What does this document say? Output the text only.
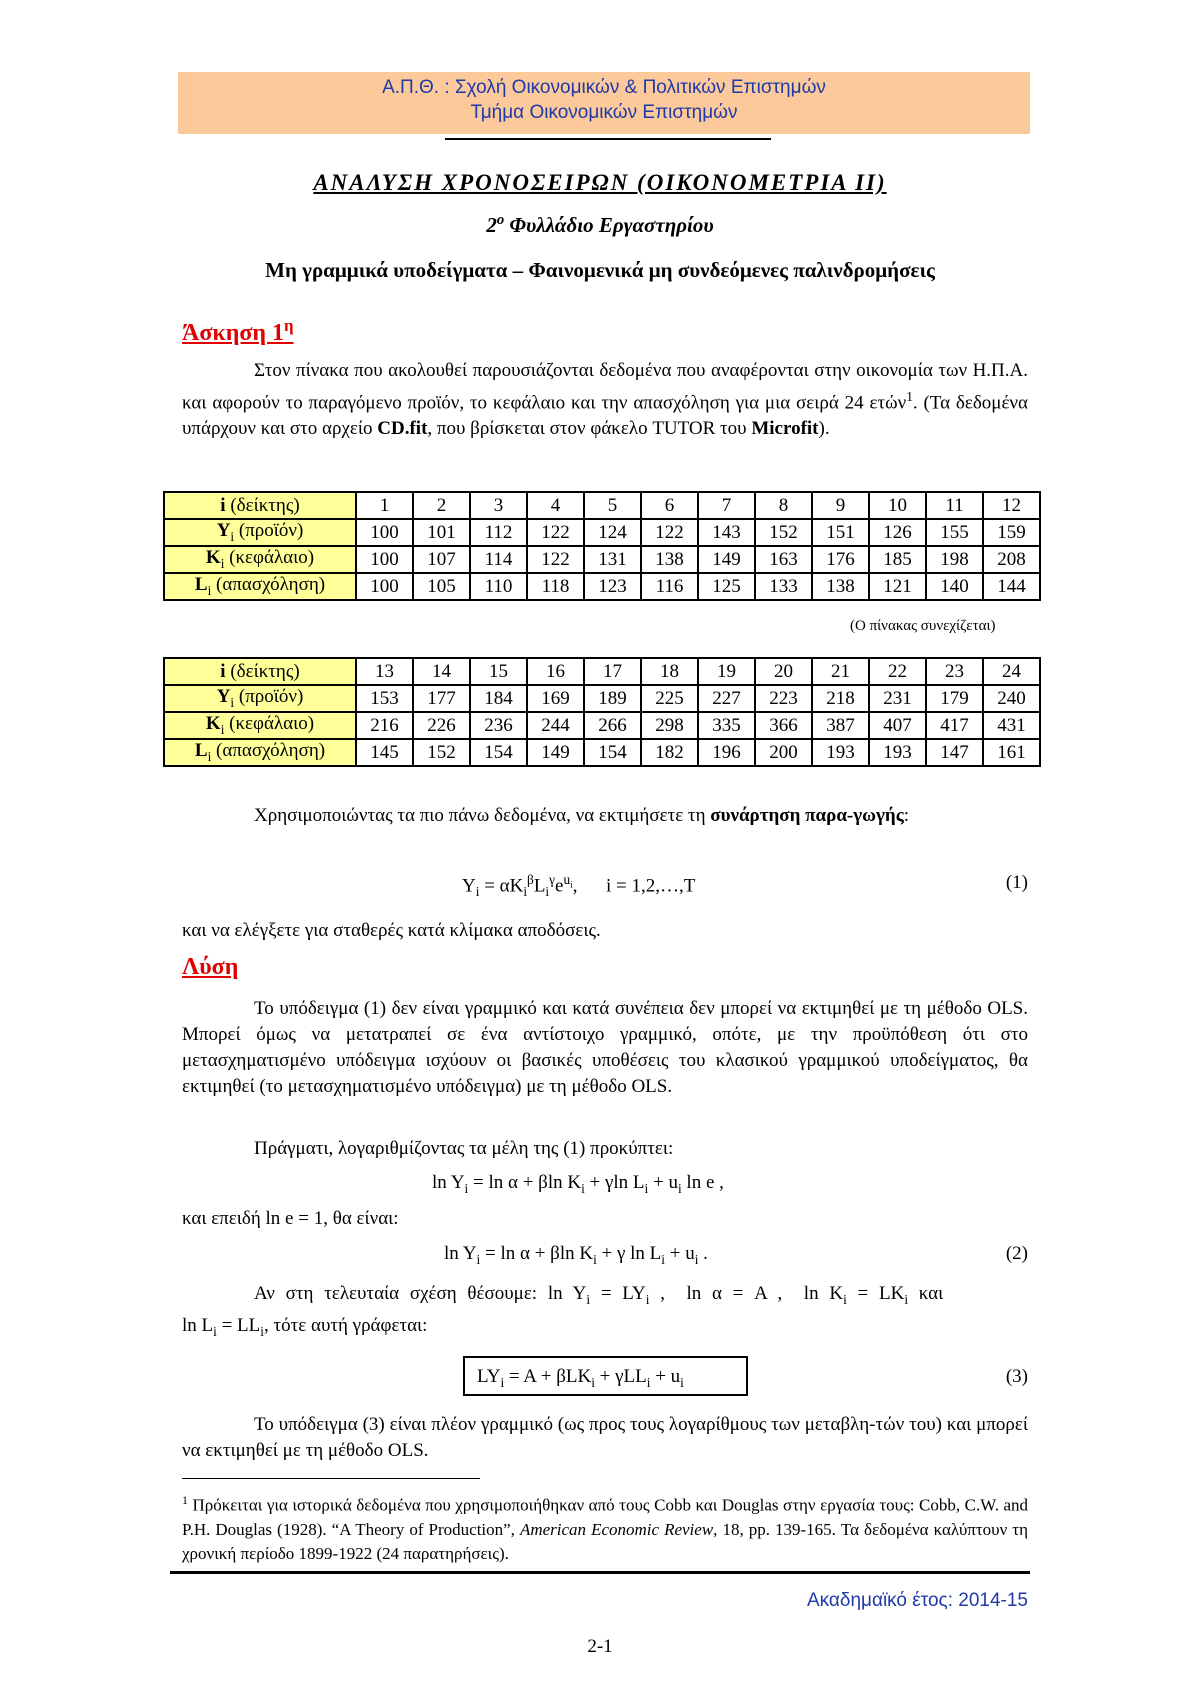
Α.Π.Θ. : Σχολή Οικονομικών & Πολιτικών Επιστημών
Τμήμα Οικονομικών Επιστημών
ΑΝΑΛΥΣΗ ΧΡΟΝΟΣΕΙΡΩΝ (ΟΙΚΟΝΟΜΕΤΡΙΑ ΙΙ)
$2^o$ Φυλλάδιο Εργαστηρίου
Μη γραμμικά υποδείγματα – Φαινομενικά μη συνδεόμενες παλινδρομήσεις
Άσκηση $1^\eta$
Στον πίνακα που ακολουθεί παρουσιάζονται δεδομένα που αναφέρονται στην οικονομία των Η.Π.Α. και αφορούν το παραγόμενο προϊόν, το κεφάλαιο και την απασχόληση για μια σειρά 24 ετών$^1$. (Τα δεδομένα υπάρχουν και στο αρχείο CD.fit, που βρίσκεται στον φάκελο TUTOR του Microfit).
i (δείκτης)	1	2	3	4	5	6	7	8	9	10	11	12
$Y_i$ (προϊόν)	100	101	112	122	124	122	143	152	151	126	155	159
$K_i$ (κεφάλαιο)	100	107	114	122	131	138	149	163	176	185	198	208
$L_i$ (απασχόληση)	100	105	110	118	123	116	125	133	138	121	140	144
(Ο πίνακας συνεχίζεται)
i (δείκτης)	13	14	15	16	17	18	19	20	21	22	23	24
$Y_i$ (προϊόν)	153	177	184	169	189	225	227	223	218	231	179	240
$K_i$ (κεφάλαιο)	216	226	236	244	266	298	335	366	387	407	417	431
$L_i$ (απασχόληση)	145	152	154	149	154	182	196	200	193	193	147	161
Χρησιμοποιώντας τα πιο πάνω δεδομένα, να εκτιμήσετε τη συνάρτηση παρα-γωγής:
$Y_i = \alpha K_i^\beta L_i^\gamma e^{u_i}$,      i = 1,2,…,T	(1)
και να ελέγξετε για σταθερές κατά κλίμακα αποδόσεις.
Λύση
Το υπόδειγμα (1) δεν είναι γραμμικό και κατά συνέπεια δεν μπορεί να εκτιμηθεί με τη μέθοδο OLS. Μπορεί όμως να μετατραπεί σε ένα αντίστοιχο γραμμικό, οπότε, με την προϋπόθεση ότι στο μετασχηματισμένο υπόδειγμα ισχύουν οι βασικές υποθέσεις του κλασικού γραμμικού υποδείγματος, θα εκτιμηθεί (το μετασχηματισμένο υπόδειγμα) με τη μέθοδο OLS.
Πράγματι, λογαριθμίζοντας τα μέλη της (1) προκύπτει:
$\ln Y_i = \ln \alpha + \beta\ln$ $K_i + \gamma\ln$ $L_i + u_i$ ln e ,
και επειδή ln e = 1, θα είναι:
$\ln Y_i = \ln \alpha + \beta\ln$ $K_i + \gamma$ $\ln L_i + u_i$ .	(2)
Αν στη τελευταία σχέση θέσουμε: $\ln Y_i = LY_i$ ,  ln α = A ,  $\ln K_i = LK_i$ και
$\ln L_i = LL_i$, τότε αυτή γράφεται:
$LY_i = A + \beta LK_i + \gamma LL_i + u_i$	(3)
Το υπόδειγμα (3) είναι πλέον γραμμικό (ως προς τους λογαρίθμους των μεταβλη-τών του) και μπορεί να εκτιμηθεί με τη μέθοδο OLS.
$^1$ Πρόκειται για ιστορικά δεδομένα που χρησιμοποιήθηκαν από τους Cobb και Douglas στην εργασία τους: Cobb, C.W. and P.H. Douglas (1928). “A Theory of Production”, American Economic Review, 18, pp. 139-165. Τα δεδομένα καλύπτουν τη χρονική περίοδο 1899-1922 (24 παρατηρήσεις).
Ακαδημαϊκό έτος: 2014-15
2-1
